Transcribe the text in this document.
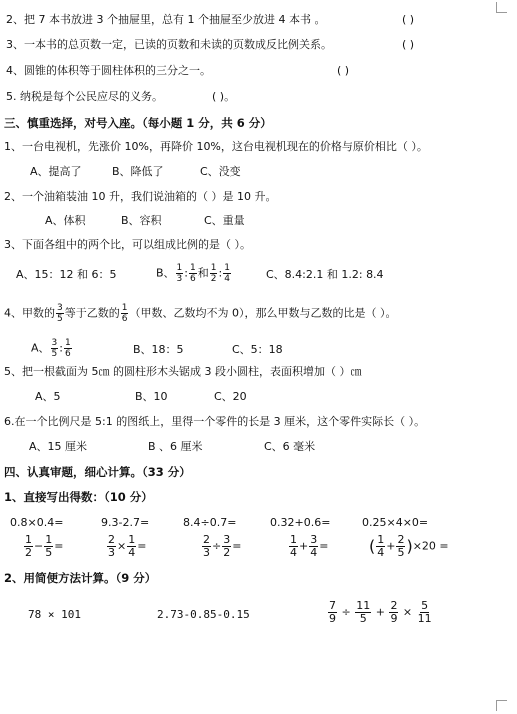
2、把 7 本书放进 3 个抽屉里，总有 1 个抽屉至少放进 4 本书 。	( )
3、一本书的总页数一定，已读的页数和未读的页数成反比例关系。	( )
4、圆锥的体积等于圆柱体积的三分之一。	( )
5. 纳税是每个公民应尽的义务。	( )。
三、慎重选择，对号入座。（每小题 1 分，共 6 分）
1、一台电视机，先涨价 10%，再降价 10%，这台电视机现在的价格与原价相比（ ）。
A、提高了	B、降低了	C、没变
2、一个油箱装油 10 升，我们说油箱的（ ）是 10 升。
A、体积	B、容积	C、重量
3、下面各组中的两个比，可以组成比例的是（ ）。
A、15：12 和 6：5	B、 $\frac{1}{3}$ : $\frac{1}{6}$ 和 $\frac{1}{2}$ : $\frac{1}{4}$	C、8.4:2.1 和 1.2: 8.4
4、甲数的 $\frac{3}{5}$ 等于乙数的 $\frac{1}{6}$ （甲数、乙数均不为 0），那么甲数与乙数的比是（ ）。
A、 $\frac{3}{5}$ : $\frac{1}{6}$	B、18：5	C、5：18
5、把一根截面为 5㎝ 的圆柱形木头锯成 3 段小圆柱，表面积增加（ ）㎝
A、5	B、10	C、20
6.在一个比例尺是 5:1 的图纸上，里得一个零件的长是 3 厘米，这个零件实际长（ ）。
A、15 厘米	B 、6 厘米	C、6 毫米
四、认真审题，细心计算。（33 分）
1、直接写出得数：（10 分）
0.8×0.4=	9.3-2.7=	8.4÷0.7=	0.32+0.6=	0.25×4×0=
$\frac{1}{2} - \frac{1}{5}$ =	$\frac{2}{3} \times \frac{1}{4}$ =	$\frac{2}{3} \div \frac{3}{2}$ =	$\frac{1}{4} + \frac{3}{4}$ =	( $\frac{1}{4} + \frac{2}{5} )\times 20$ =
2、用简便方法计算。（9 分）
78 × 101	2.73-0.85-0.15	$\frac{7}{9} \div \frac{11}{5} + \frac{2}{9} \times \frac{5}{11}$
